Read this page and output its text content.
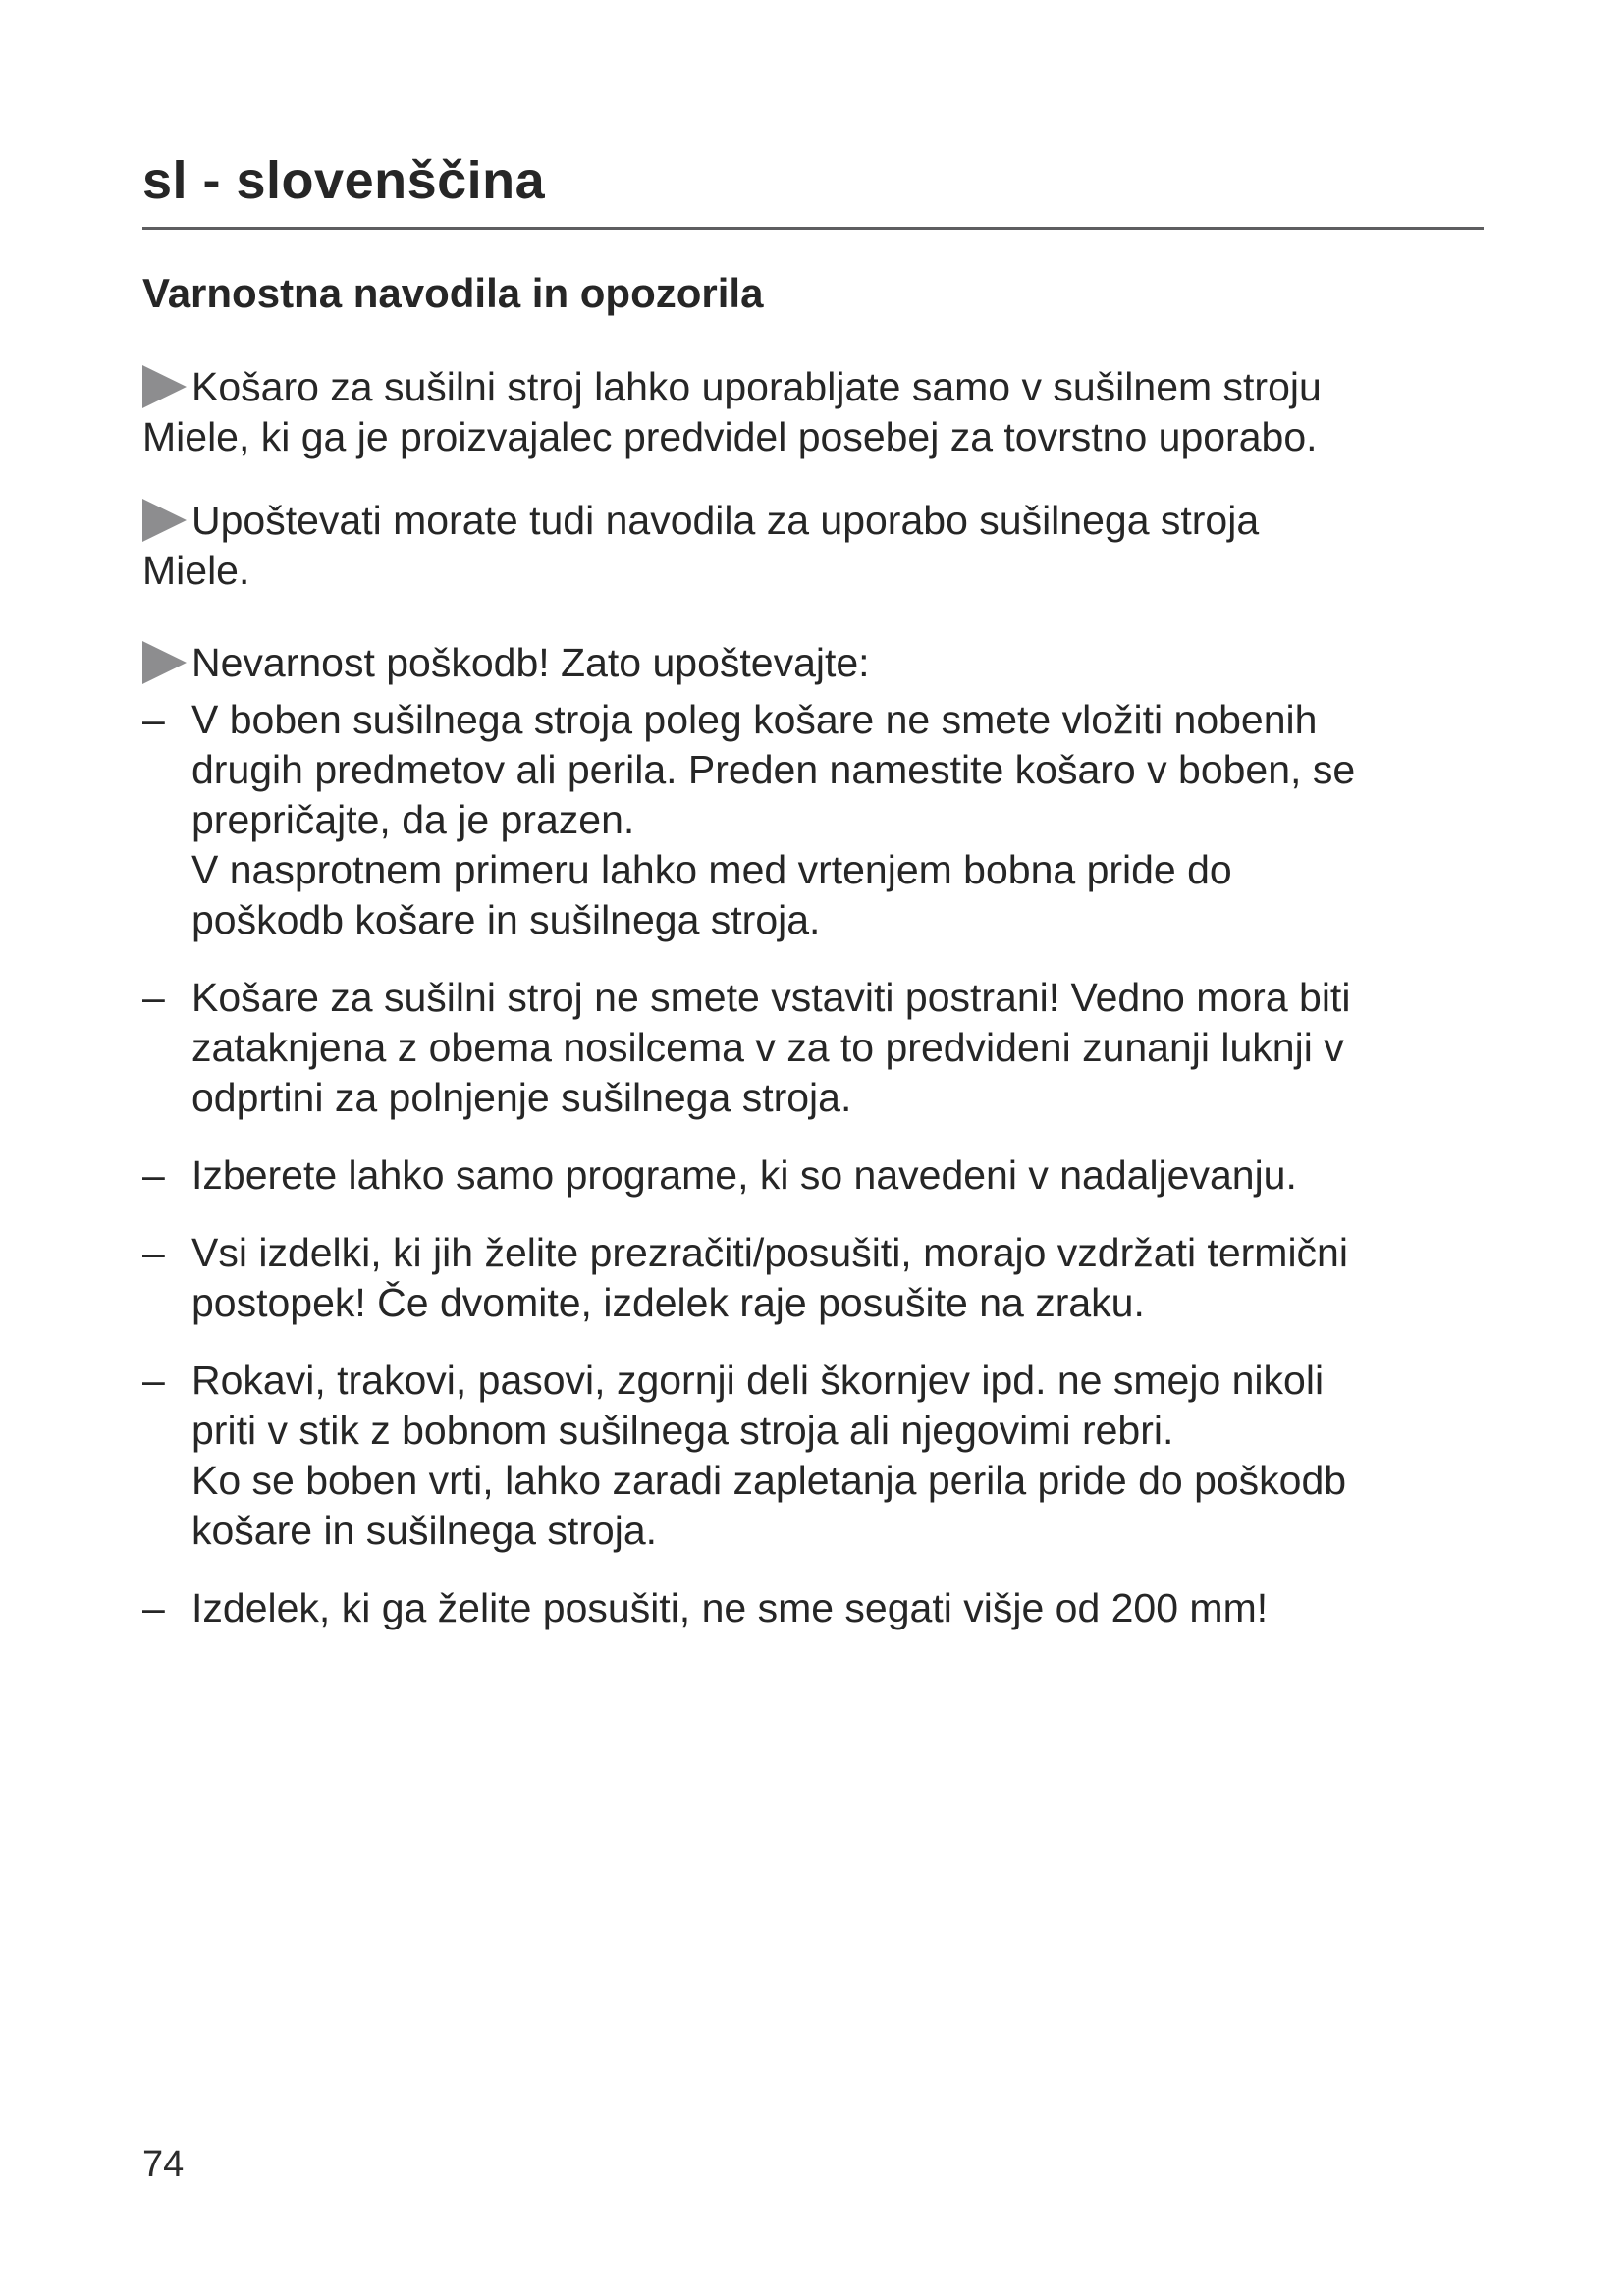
sl - slovenščina
Varnostna navodila in opozorila

Košaro za sušilni stroj lahko uporabljate samo v sušilnem stroju
Miele, ki ga je proizvajalec predvidel posebej za tovrstno uporabo.

Upoštevati morate tudi navodila za uporabo sušilnega stroja
Miele.

Nevarnost poškodb! Zato upoštevajte:

– V boben sušilnega stroja poleg košare ne smete vložiti nobenih
drugih predmetov ali perila. Preden namestite košaro v boben, se
prepričajte, da je prazen.
V nasprotnem primeru lahko med vrtenjem bobna pride do
poškodb košare in sušilnega stroja.
– Košare za sušilni stroj ne smete vstaviti postrani! Vedno mora biti
zataknjena z obema nosilcema v za to predvideni zunanji luknji v
odprtini za polnjenje sušilnega stroja.
– Izberete lahko samo programe, ki so navedeni v nadaljevanju.
– Vsi izdelki, ki jih želite prezračiti/posušiti, morajo vzdržati termični
postopek! Če dvomite, izdelek raje posušite na zraku.
– Rokavi, trakovi, pasovi, zgornji deli škornjev ipd. ne smejo nikoli
priti v stik z bobnom sušilnega stroja ali njegovimi rebri.
Ko se boben vrti, lahko zaradi zapletanja perila pride do poškodb
košare in sušilnega stroja.
– Izdelek, ki ga želite posušiti, ne sme segati višje od 200 mm!
74
